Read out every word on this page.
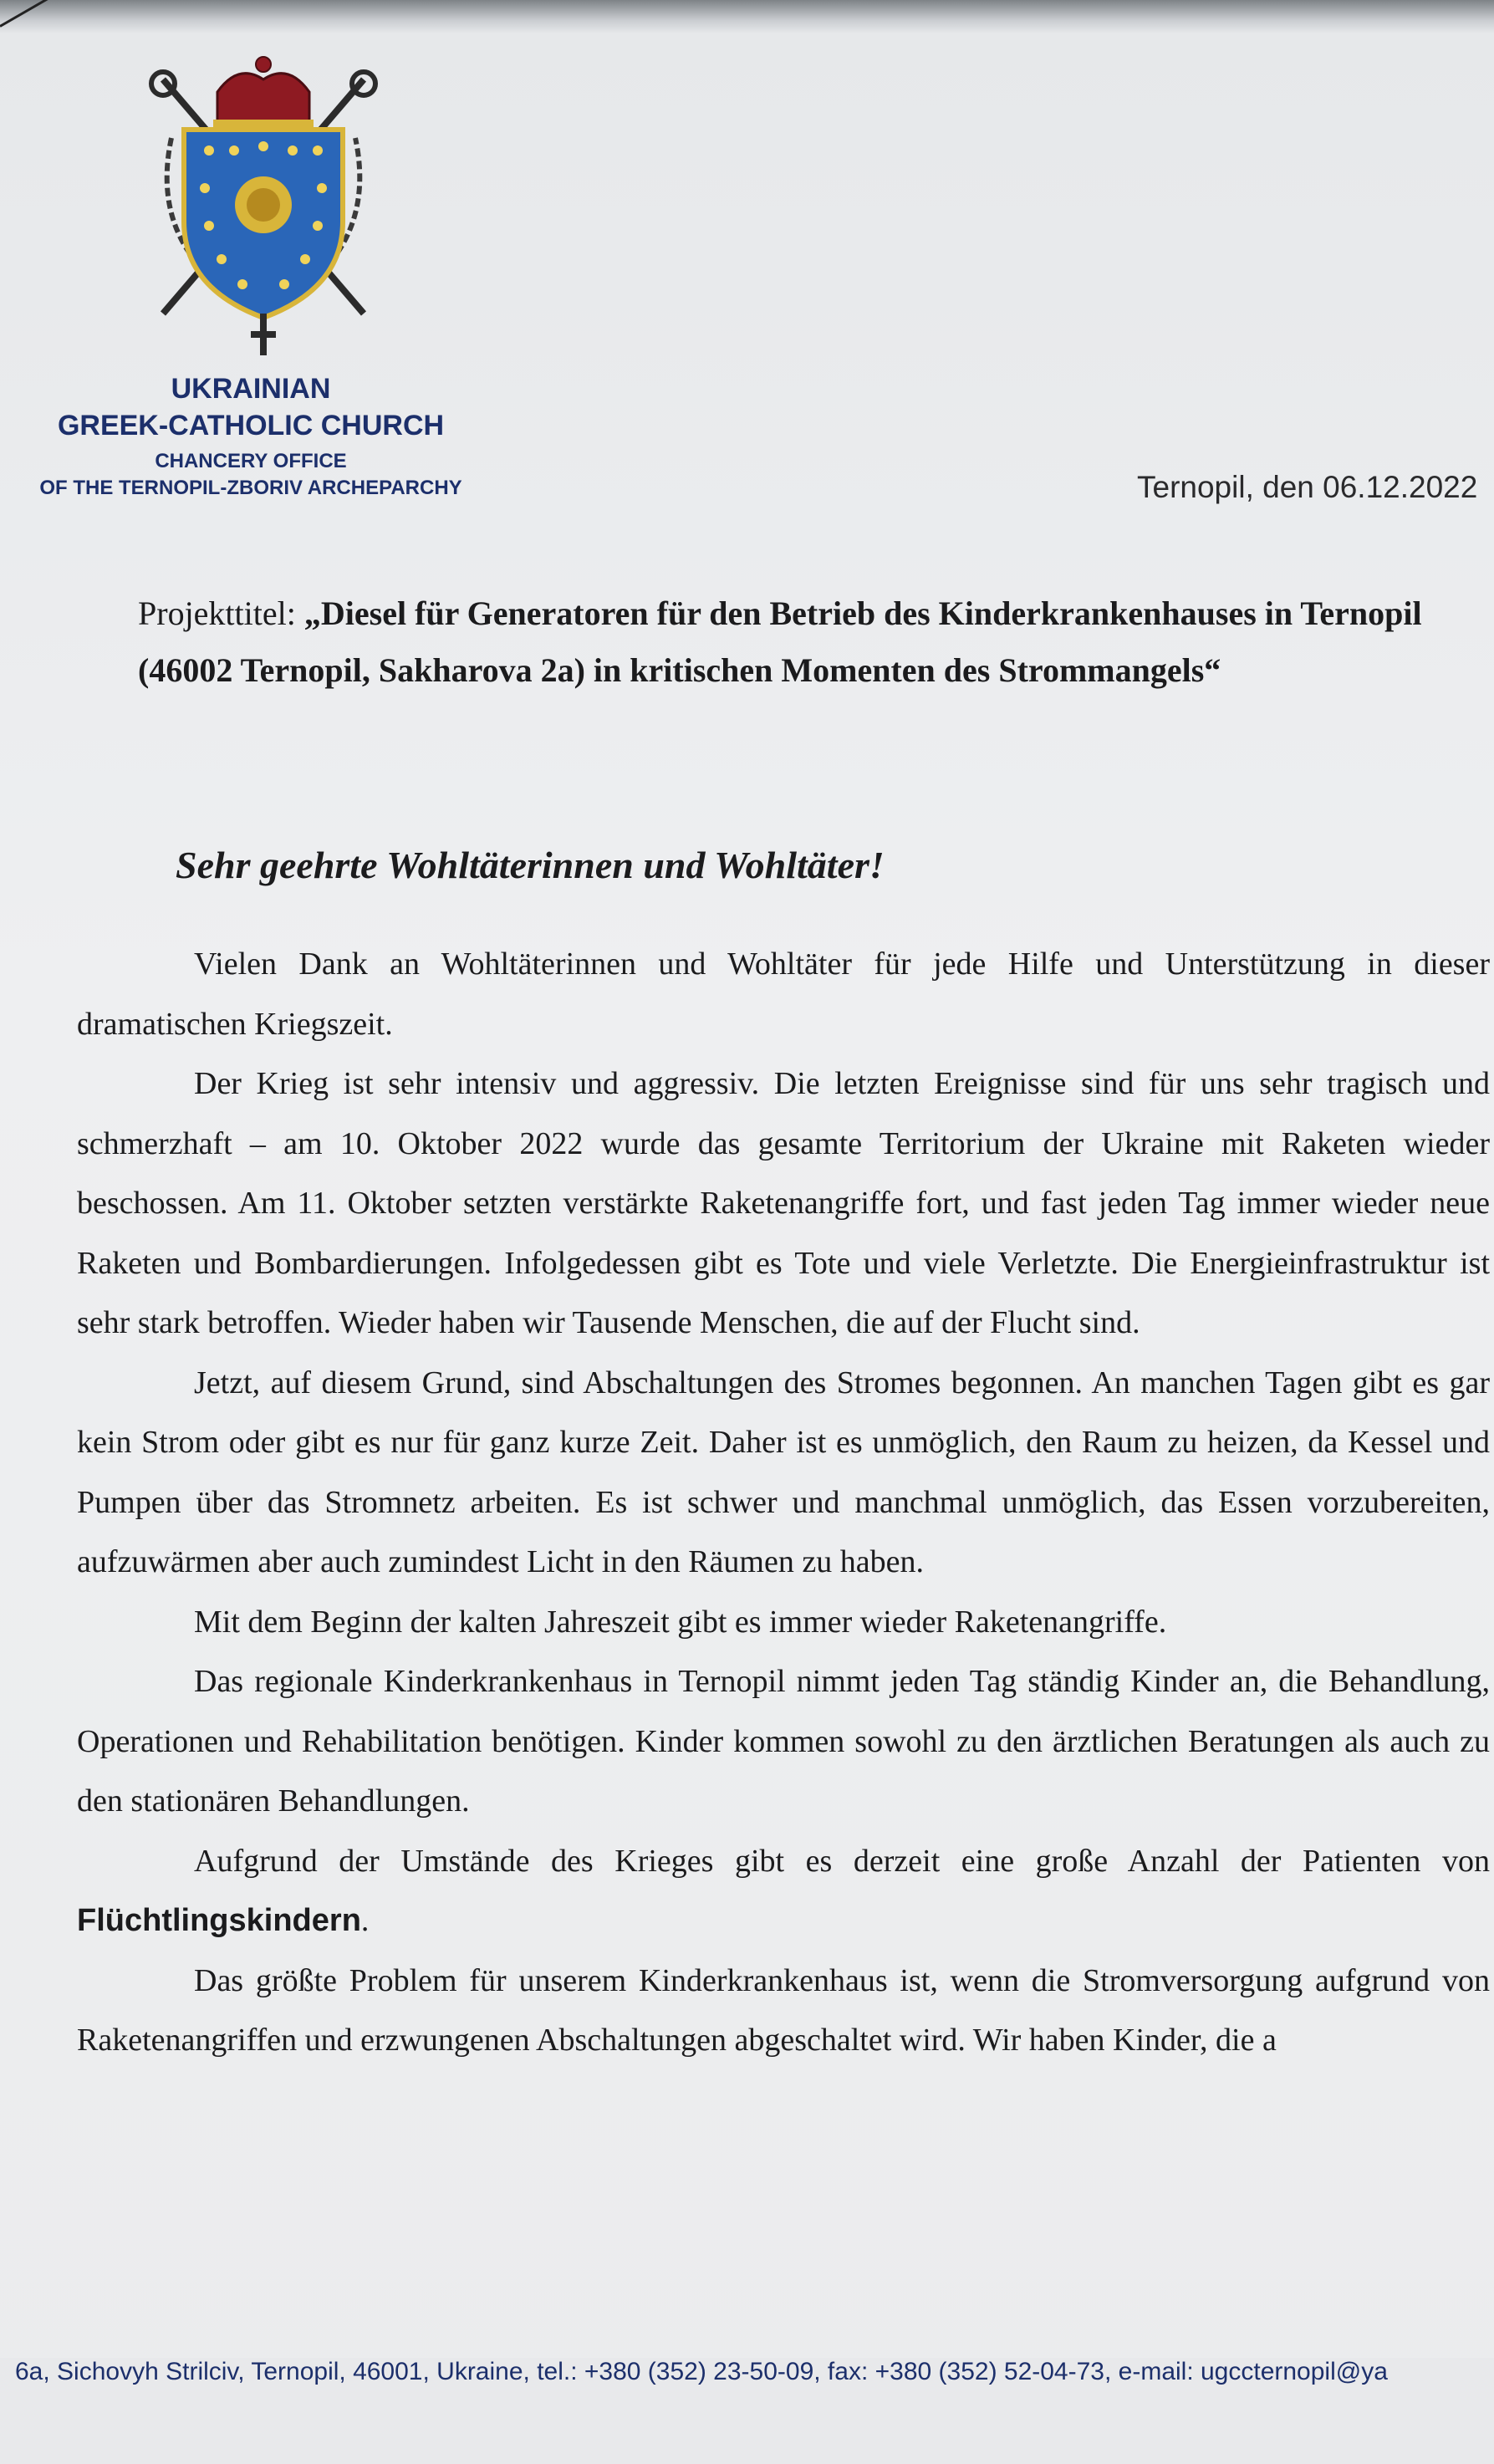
UKRAINIAN
GREEK-CATHOLIC CHURCH
CHANCERY OFFICE
OF THE TERNOPIL-ZBORIV ARCHEPARCHY	Ternopil, den 06.12.2022
Projekttitel: „Diesel für Generatoren für den Betrieb des Kinderkrankenhauses in Ternopil (46002 Ternopil, Sakharova 2a) in kritischen Momenten des Strommangels“
Sehr geehrte Wohltäterinnen und Wohltäter!

Vielen Dank an Wohltäterinnen und Wohltäter für jede Hilfe und Unterstützung in dieser dramatischen Kriegszeit.

Der Krieg ist sehr intensiv und aggressiv. Die letzten Ereignisse sind für uns sehr tragisch und schmerzhaft – am 10. Oktober 2022 wurde das gesamte Territorium der Ukraine mit Raketen wieder beschossen. Am 11. Oktober setzten verstärkte Raketenangriffe fort, und fast jeden Tag immer wieder neue Raketen und Bombardierungen. Infolgedessen gibt es Tote und viele Verletzte. Die Energieinfrastruktur ist sehr stark betroffen. Wieder haben wir Tausende Menschen, die auf der Flucht sind.

Jetzt, auf diesem Grund, sind Abschaltungen des Stromes begonnen. An manchen Tagen gibt es gar kein Strom oder gibt es nur für ganz kurze Zeit. Daher ist es unmöglich, den Raum zu heizen, da Kessel und Pumpen über das Stromnetz arbeiten. Es ist schwer und manchmal unmöglich, das Essen vorzubereiten, aufzuwärmen aber auch zumindest Licht in den Räumen zu haben.

Mit dem Beginn der kalten Jahreszeit gibt es immer wieder Raketenangriffe.

Das regionale Kinderkrankenhaus in Ternopil nimmt jeden Tag ständig Kinder an, die Behandlung, Operationen und Rehabilitation benötigen. Kinder kommen sowohl zu den ärztlichen Beratungen als auch zu den stationären Behandlungen.

Aufgrund der Umstände des Krieges gibt es derzeit eine große Anzahl der Patienten von Flüchtlingskindern.

Das größte Problem für unserem Kinderkrankenhaus ist, wenn die Stromversorgung aufgrund von Raketenangriffen und erzwungenen Abschaltungen abgeschaltet wird. Wir haben Kinder, die a

6a, Sichovyh Strilciv, Ternopil, 46001, Ukraine, tel.: +380 (352) 23-50-09, fax: +380 (352) 52-04-73, e-mail: ugccternopil@ya
